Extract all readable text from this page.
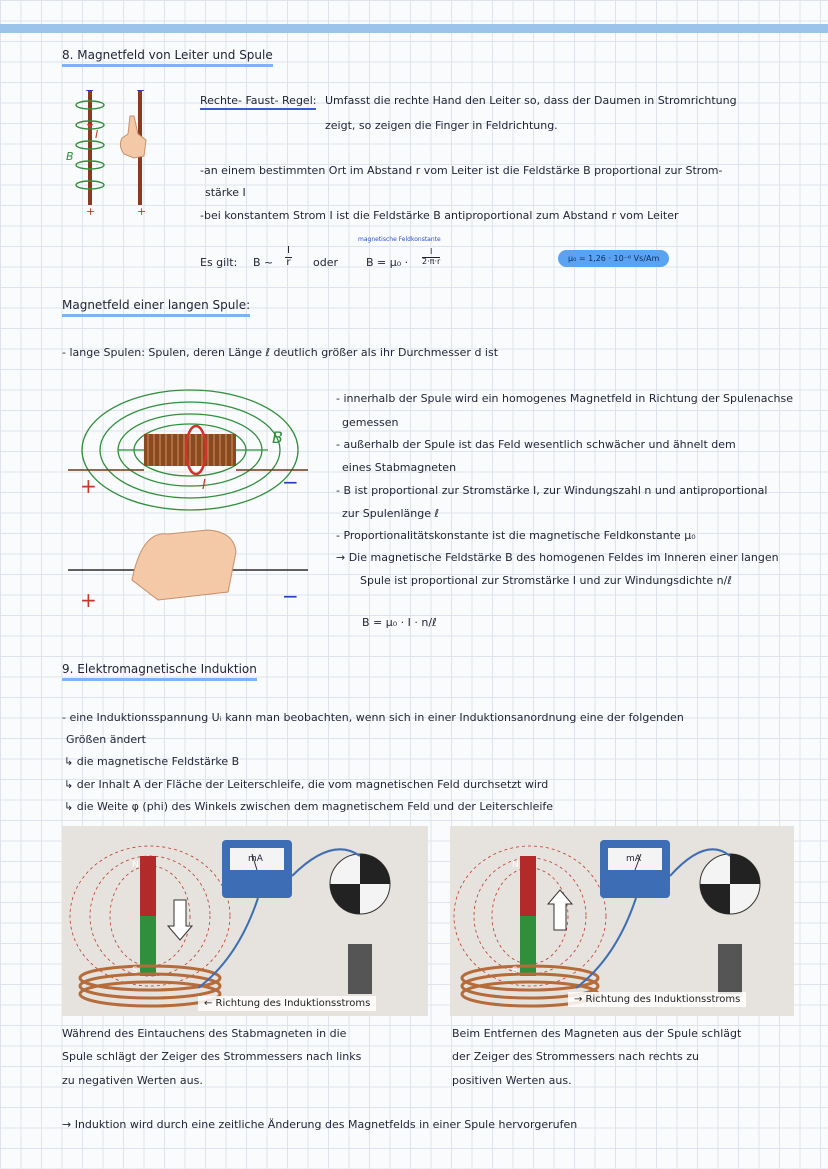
8. Magnetfeld von Leiter und Spule
−	−
I
B
+	+
Rechte- Faust- Regel: Umfasst die rechte Hand den Leiter so, dass der Daumen in Stromrichtung
zeigt, so zeigen die Finger in Feldrichtung.
-an einem bestimmten Ort im Abstand r vom Leiter ist die Feldstärke B proportional zur Strom-
stärke I
-bei konstantem Strom I ist die Feldstärke B antiproportional zum Abstand r vom Leiter
Es gilt: B ~ $\frac{I}{r}$ oder
magnetische Feldkonstante
$B = \mu_0 \cdot \frac{I}{2\cdot\pi\cdot r}$	μ₀ = 1,26 · 10⁻⁶ Vs/Am
Magnetfeld einer langen Spule:
- lange Spulen: Spulen, deren Länge ℓ deutlich größer als ihr Durchmesser d ist
B
I
+	−
+	−
- innerhalb der Spule wird ein homogenes Magnetfeld in Richtung der Spulenachse
gemessen
- außerhalb der Spule ist das Feld wesentlich schwächer und ähnelt dem
eines Stabmagneten
- B ist proportional zur Stromstärke I, zur Windungszahl n und antiproportional
zur Spulenlänge ℓ
- Proportionalitätskonstante ist die magnetische Feldkonstante μ₀
→ Die magnetische Feldstärke B des homogenen Feldes im Inneren einer langen
Spule ist proportional zur Stromstärke I und zur Windungsdichte n/ℓ
B = μ₀ · I · n/ℓ
9. Elektromagnetische Induktion
- eine Induktionsspannung Uᵢ kann man beobachten, wenn sich in einer Induktionsanordnung eine der folgenden
Größen ändert
↳ die magnetische Feldstärke B
↳ der Inhalt A der Fläche der Leiterschleife, die vom magnetischen Feld durchsetzt wird
↳ die Weite φ (phi) des Winkels zwischen dem magnetischem Feld und der Leiterschleife
N
S
mA
← Richtung des Induktionsstroms
N
S
mA
→ Richtung des Induktionsstroms
Während des Eintauchens des Stabmagneten in die
Spule schlägt der Zeiger des Strommessers nach links
zu negativen Werten aus.
Beim Entfernen des Magneten aus der Spule schlägt
der Zeiger des Strommessers nach rechts zu
positiven Werten aus.
→ Induktion wird durch eine zeitliche Änderung des Magnetfelds in einer Spule hervorgerufen
